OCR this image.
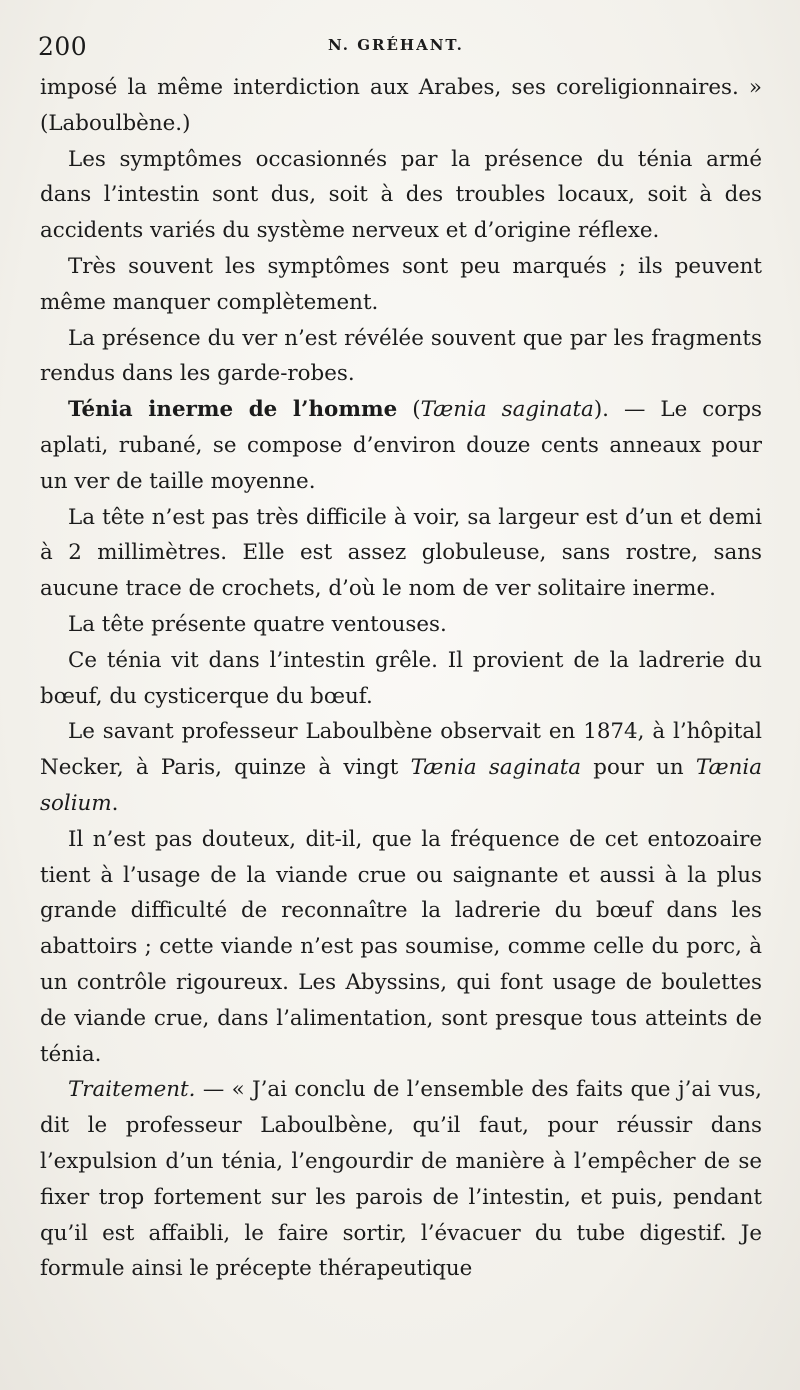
200	N. GRÉHANT.

imposé la même interdiction aux Arabes, ses coreligionnaires. » (Laboulbène.)

Les symptômes occasionnés par la présence du ténia armé dans l’intestin sont dus, soit à des troubles locaux, soit à des accidents variés du système nerveux et d’origine réflexe.

Très souvent les symptômes sont peu marqués ; ils peuvent même manquer complètement.

La présence du ver n’est révélée souvent que par les fragments rendus dans les garde-robes.

Ténia inerme de l’homme (Tænia saginata). — Le corps aplati, rubané, se compose d’environ douze cents anneaux pour un ver de taille moyenne.

La tête n’est pas très difficile à voir, sa largeur est d’un et demi à 2 millimètres. Elle est assez globuleuse, sans rostre, sans aucune trace de crochets, d’où le nom de ver solitaire inerme.

La tête présente quatre ventouses.

Ce ténia vit dans l’intestin grêle. Il provient de la ladrerie du bœuf, du cysticerque du bœuf.

Le savant professeur Laboulbène observait en 1874, à l’hôpital Necker, à Paris, quinze à vingt Tænia saginata pour un Tænia solium.

Il n’est pas douteux, dit-il, que la fréquence de cet entozoaire tient à l’usage de la viande crue ou saignante et aussi à la plus grande difficulté de reconnaître la ladrerie du bœuf dans les abattoirs ; cette viande n’est pas soumise, comme celle du porc, à un contrôle rigoureux. Les Abyssins, qui font usage de boulettes de viande crue, dans l’alimentation, sont presque tous atteints de ténia.

Traitement. — « J’ai conclu de l’ensemble des faits que j’ai vus, dit le professeur Laboulbène, qu’il faut, pour réussir dans l’expulsion d’un ténia, l’engourdir de manière à l’empêcher de se fixer trop fortement sur les parois de l’intestin, et puis, pendant qu’il est affaibli, le faire sortir, l’évacuer du tube digestif. Je formule ainsi le précepte thérapeutique
